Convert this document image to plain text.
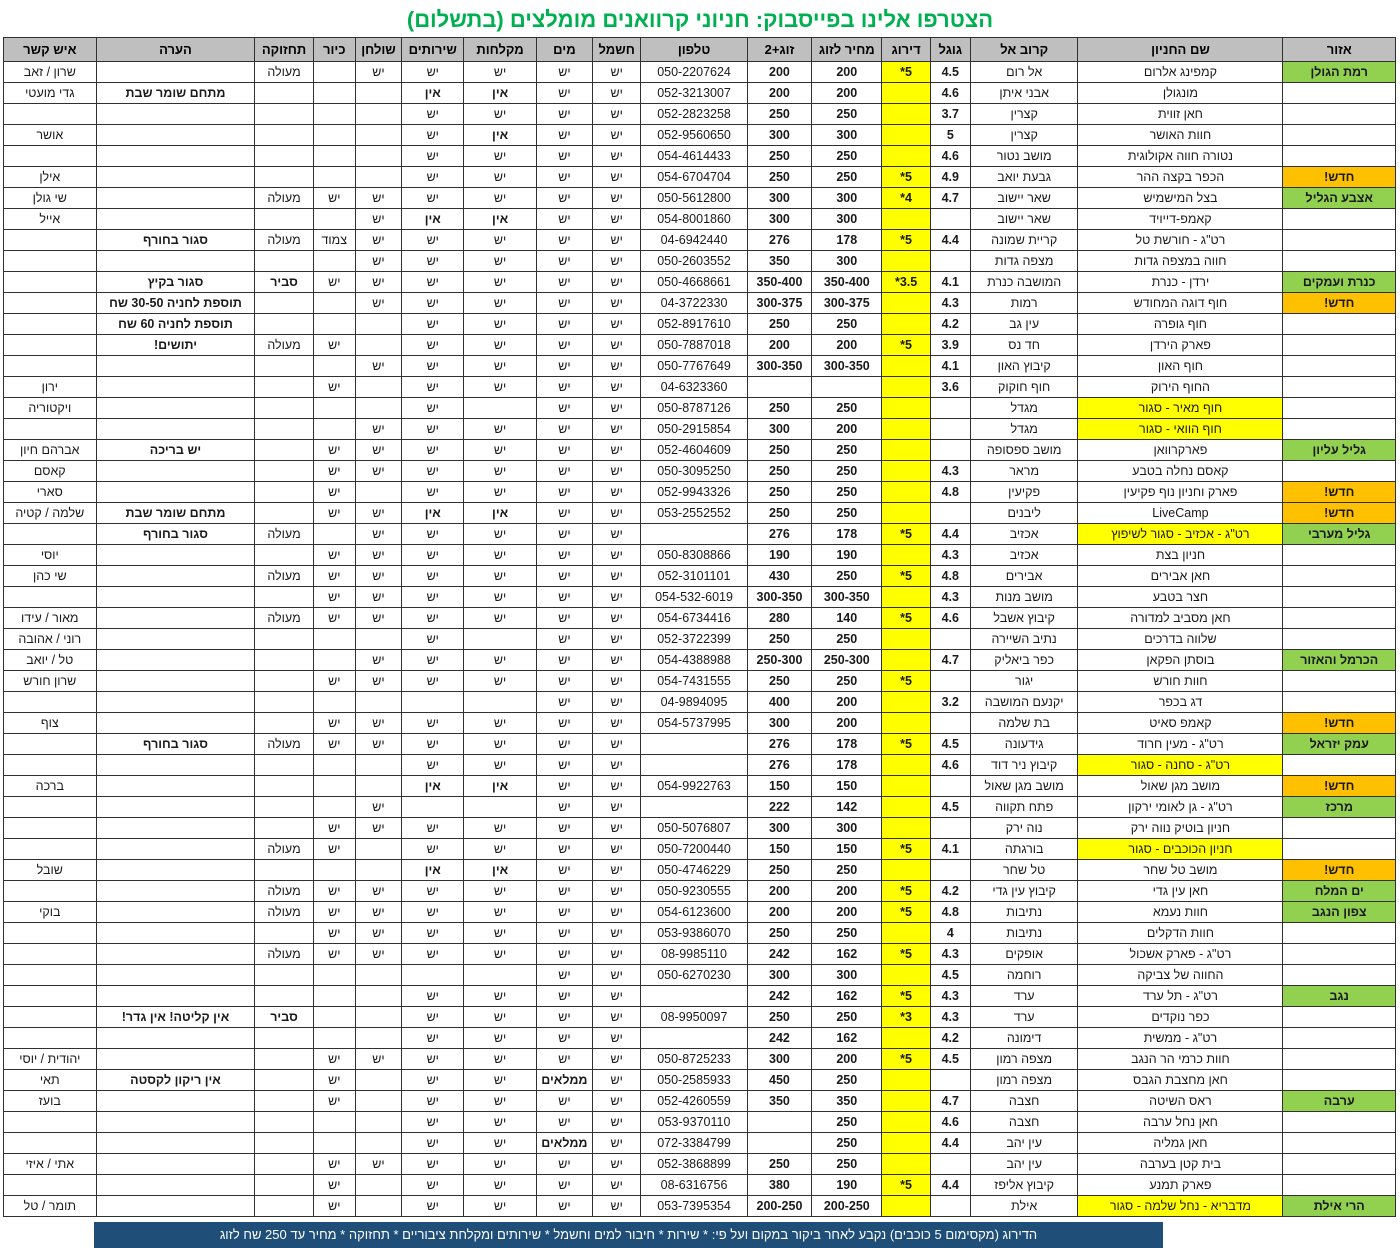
הצטרפו אלינו בפייסבוק: חניוני קרוואנים מומלצים (בתשלום)
אזור	שם החניון	קרוב אל	גוגל	דירוג	מחיר לזוג	זוג+2	טלפון	חשמל	מים	מקלחות	שירותים	שולחן	כיור	תחזוקה	הערה	איש קשר
רמת הגולן	קמפינג אלרום	אל רום	4.5	5*	200	200	050-2207624	יש	יש	יש	יש	יש		מעולה		שרון / זאב
	מונגולן	אבני איתן	4.6		200	200	052-3213007	יש	יש	אין	אין				מתחם שומר שבת	גדי מועטי
	חאן זווית	קצרין	3.7		250	250	052-2823258	יש	יש	יש	יש					
	חוות האושר	קצרין	5		300	300	052-9560650	יש	יש	אין	יש					אושר
	נטורה חווה אקולוגית	מושב נטור	4.6		250	250	054-4614433	יש	יש	יש	יש					
חדש!	הכפר בקצה ההר	גבעת יואב	4.9	5*	250	250	054-6704704	יש	יש	יש	יש					אילן
אצבע הגליל	בצל המישמיש	שאר יישוב	4.7	4*	300	300	050-5612800	יש	יש	יש	יש	יש	יש	מעולה		שי גולן
	קאמפ-דייויד	שאר יישוב			300	300	054-8001860	יש	יש	אין	אין	יש				אייל
	רט"ג - חורשת טל	קריית שמונה	4.4	5*	178	276	04-6942440	יש	יש	יש	יש	יש	צמוד	מעולה	סגור בחורף	
	חווה במצפה גדות	מצפה גדות			300	350	050-2603552	יש	יש	יש	יש	יש				
כנרת ועמקים	ירדן - כנרת	המושבה כנרת	4.1	3.5*	350-400	350-400	050-4668661	יש	יש	יש	יש	יש	יש	סביר	סגור בקיץ	
חדש!	חוף דוגה המחודש	רמות	4.3		300-375	300-375	04-3722330	יש	יש	יש	יש	יש			תוספת לחניה 30-50 שח	
	חוף גופרה	עין גב	4.2		250	250	052-8917610	יש	יש	יש	יש				תוספת לחניה 60 שח	
	פארק הירדן	חד נס	3.9	5*	200	200	050-7887018	יש	יש	יש	יש		יש	מעולה	יתושים!	
	חוף האון	קיבוץ האון	4.1		300-350	300-350	050-7767649	יש	יש	יש	יש	יש				
	החוף הירוק	חוף חוקוק	3.6				04-6323360	יש	יש	יש	יש		יש			ירון
	חוף מאיר - סגור	מגדל			250	250	050-8787126	יש	יש		יש					ויקטוריה
	חוף הוואי - סגור	מגדל			200	300	050-2915854	יש	יש	יש	יש	יש				
גליל עליון	פארקרוואן	מושב ספסופה			250	250	052-4604609	יש	יש	יש	יש	יש	יש		יש בריכה	אברהם חיון
	קאסם נחלה בטבע	מראר	4.3		250	250	050-3095250	יש	יש	יש	יש	יש	יש			קאסם
חדש!	פארק וחניון נוף פקיעין	פקיעין	4.8		250	250	052-9943326	יש	יש	יש	יש		יש			סארי
חדש!	LiveCamp	ליבנים			250	250	053-2552552	יש	יש	אין	אין	יש	יש		מתחם שומר שבת	שלמה / קטיה
גליל מערבי	רט"ג - אכזיב - סגור לשיפוץ	אכזיב	4.4	5*	178	276		יש	יש	יש	יש	יש		מעולה	סגור בחורף	
	חניון בצת	אכזיב	4.3		190	190	050-8308866	יש	יש	יש	יש	יש	יש			יוסי
	חאן אבירים	אבירים	4.8	5*	250	430	052-3101101	יש	יש	יש	יש	יש	יש	מעולה		שי כהן
	חצר בטבע	מושב מנות	4.3		300-350	300-350	054-532-6019	יש	יש	יש	יש	יש	יש			
	חאן מסביב למדורה	קיבוץ אשבל	4.6	5*	140	280	054-6734416	יש	יש	יש	יש	יש	יש	מעולה		מאור / עידו
	שלווה בדרכים	נתיב השיירה			250	250	052-3722399	יש	יש		יש					רוני / אהובה
הכרמל והאזור	בוסתן הפקאן	כפר ביאליק	4.7		250-300	250-300	054-4388988	יש	יש	יש	יש	יש				טל / יואב
	חוות חורש	יגור		5*	250	250	054-7431555	יש	יש	יש	יש	יש	יש			שרון חורש
	דג בכפר	יקנעם המושבה	3.2		200	400	04-9894095	יש	יש							
חדש!	קאמפ סאיט	בת שלמה			200	300	054-5737995	יש	יש	יש	יש	יש	יש			צוף
עמק יזראל	רט"ג - מעין חרוד	גידעונה	4.5	5*	178	276		יש	יש	יש	יש	יש	יש	מעולה	סגור בחורף	
	רט"ג - סחנה - סגור	קיבוץ ניר דוד	4.6		178	276		יש	יש	יש	יש					
חדש!	מושב מגן שאול	מושב מגן שאול			150	150	054-9922763	יש	יש	אין	אין					ברכה
מרכז	רט"ג - גן לאומי ירקון	פתח תקווה	4.5		142	222		יש	יש			יש				
	חניון בוטיק נווה ירק	נוה ירק			300	300	050-5076807	יש	יש	יש	יש	יש	יש			
	חניון הכוכבים - סגור	בורגתה	4.1	5*	150	150	050-7200440	יש	יש	יש	יש		יש	מעולה		
חדש!	מושב טל שחר	טל שחר			250	250	050-4746229	יש	יש	אין	אין					שובל
ים המלח	חאן עין גדי	קיבוץ עין גדי	4.2	5*	200	200	050-9230555	יש	יש	יש	יש	יש	יש	מעולה		
צפון הנגב	חוות נעמא	נתיבות	4.8	5*	200	200	054-6123600	יש	יש	יש	יש	יש	יש	מעולה		בוקי
	חוות הדקלים	נתיבות	4		250	250	053-9386070	יש	יש	יש	יש	יש	יש			
	רט"ג - פארק אשכול	אופקים	4.3	5*	162	242	08-9985110	יש	יש	יש	יש	יש	יש	מעולה		
	החווה של צביקה	רוחמה	4.5		300	300	050-6270230	יש	יש							
נגב	רט"ג - תל ערד	ערד	4.3	5*	162	242		יש	יש	יש	יש					
	כפר נוקדים	ערד	4.3	3*	250	250	08-9950097	יש	יש	יש	יש			סביר	אין קליטה! אין גדר!	
	רט"ג - ממשית	דימונה	4.2		162	242		יש	יש	יש	יש					
	חוות כרמי הר הנגב	מצפה רמון	4.5	5*	200	300	050-8725233	יש	יש	יש	יש	יש	יש			יהודית / יוסי
	חאן מחצבת הגבס	מצפה רמון			250	450	050-2585933	יש	ממלאים	יש	יש		יש		אין ריקון לקסטה	תאי
ערבה	ראס השיטה	חצבה	4.7		350	350	052-4260559	יש	יש	יש	יש		יש			בועז
	חאן נחל ערבה	חצבה	4.6		250		053-9370110	יש	יש	יש	יש					
	חאן גמליה	עין יהב	4.4		250		072-3384799	יש	ממלאים	יש	יש					
	בית קטן בערבה	עין יהב			250	250	052-3868899	יש	יש	יש	יש	יש	יש			אתי / איזי
	פארק תמנע	קיבוץ אליפז	4.4	5*	190	380	08-6316756	יש	יש	יש	יש		יש			
הרי אילת	מדבריא - נחל שלמה - סגור	אילת			200-250	200-250	053-7395354	יש	יש	יש	יש		יש			תומר / טל
הדירוג (מקסימום 5 כוכבים) נקבע לאחר ביקור במקום ועל פי: * שירות * חיבור למים וחשמל * שירותים ומקלחת ציבוריים * תחזוקה * מחיר עד 250 שח לזוג
